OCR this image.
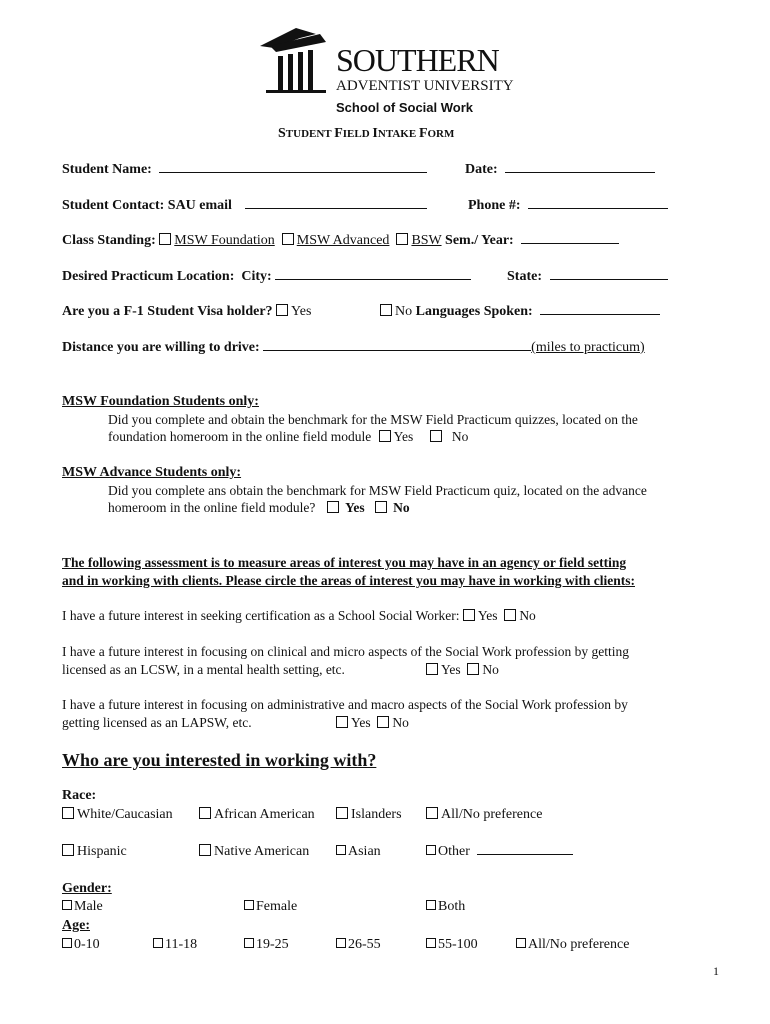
SOUTHERN
ADVENTIST UNIVERSITY
School of Social Work
STUDENT FIELD INTAKE FORM
Student Name:	Date:
Student Contact: SAU email	Phone #:
Class Standing: MSW Foundation MSW Advanced BSW Sem./ Year:
Desired Practicum Location: City:	State:
Are you a F-1 Student Visa holder? Yes	No Languages Spoken:
Distance you are willing to drive:	(miles to practicum)
MSW Foundation Students only:
Did you complete and obtain the benchmark for the MSW Field Practicum quizzes, located on the
foundation homeroom in the online field module Yes	No
MSW Advance Students only:
Did you complete ans obtain the benchmark for MSW Field Practicum quiz, located on the advance
homeroom in the online field module? Yes No
The following assessment is to measure areas of interest you may have in an agency or field setting
and in working with clients. Please circle the areas of interest you may have in working with clients:
I have a future interest in seeking certification as a School Social Worker: Yes No
I have a future interest in focusing on clinical and micro aspects of the Social Work profession by getting
licensed as an LCSW, in a mental health setting, etc.	Yes No
I have a future interest in focusing on administrative and macro aspects of the Social Work profession by
getting licensed as an LAPSW, etc.	Yes No
Who are you interested in working with?
Race:
White/Caucasian	African American	Islanders	All/No preference
Hispanic	Native American	Asian	Other
Gender:
Male	Female	Both
Age:
0-10	11-18	19-25	26-55	55-100	All/No preference
1
